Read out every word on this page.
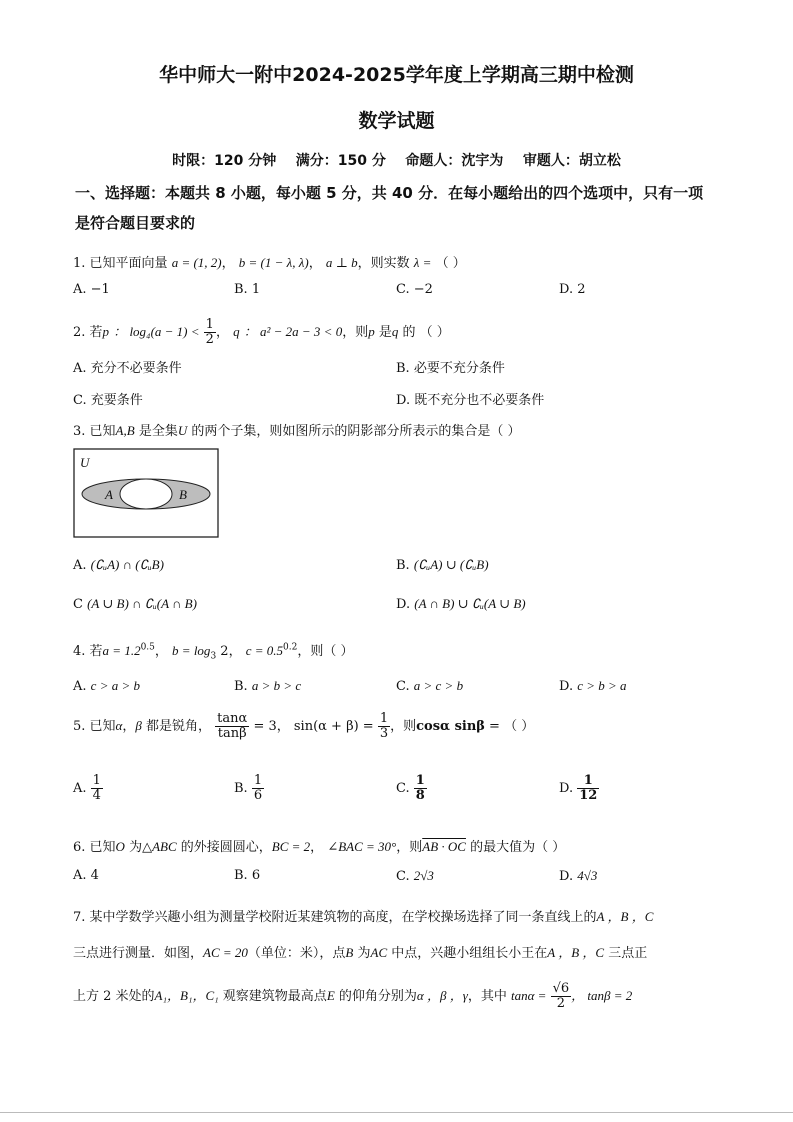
华中师大一附中2024-2025学年度上学期高三期中检测
数学试题
时限：120 分钟    满分：150 分    命题人：沈宇为    审题人：胡立松
一、选择题：本题共 8 小题，每小题 5 分，共 40 分．在每小题给出的四个选项中，只有一项
是符合题目要求的
1. 已知平面向量 a = (1, 2)， b = (1 − λ, λ)， a ⊥ b，则实数 λ = （ ）
A. −1	B. 1	C. −2	D. 2
2. 若p ： $\log_4(a - 1) < \frac{1}{2}$ ， q ： a² − 2a − 3 < 0，则p 是q 的 （ ）
A. 充分不必要条件	B. 必要不充分条件
C. 充要条件	D. 既不充分也不必要条件
3. 已知A,B 是全集U 的两个子集，则如图所示的阴影部分所表示的集合是（ ）
U
A	B
A. (∁ᵤA) ∩ (∁ᵤB)	B. (∁ᵤA) ∪ (∁ᵤB)
C (A ∪ B) ∩ ∁ᵤ(A ∩ B)	D. (A ∩ B) ∪ ∁ᵤ(A ∪ B)
4. 若$a = 1.2^{0.5}$， $b = \log_3 2$， $c = 0.5^{0.2}$，则（ ）
A. c > a > b	B. a > b > c	C. a > c > b	D. c > b > a
5. 已知α，β 都是锐角， $\frac{\tan\alpha}{\tan\beta} = 3$， $\sin(\alpha + \beta) = \frac{1}{3}$ ，则cosα sinβ = （ ）
A. $\frac{1}{4}$	B. $\frac{1}{6}$	C. $\frac{1}{8}$	D. $\frac{1}{12}$
6. 已知O 为△ABC 的外接圆圆心，BC = 2， ∠BAC = 30°，则AB · OC 的最大值为（ ）
A. 4	B. 6	C. 2√3	D. 4√3
7. 某中学数学兴趣小组为测量学校附近某建筑物的高度，在学校操场选择了同一条直线上的A ，B ，C
三点进行测量．如图，AC = 20（单位：米），点B 为AC 中点，兴趣小组组长小王在A ，B ，C 三点正
上方 2 米处的A₁，B₁，C₁ 观察建筑物最高点E 的仰角分别为α ，β ，γ，其中 $\tan\alpha = \frac{√6}{2}$ ， tanβ = 2
